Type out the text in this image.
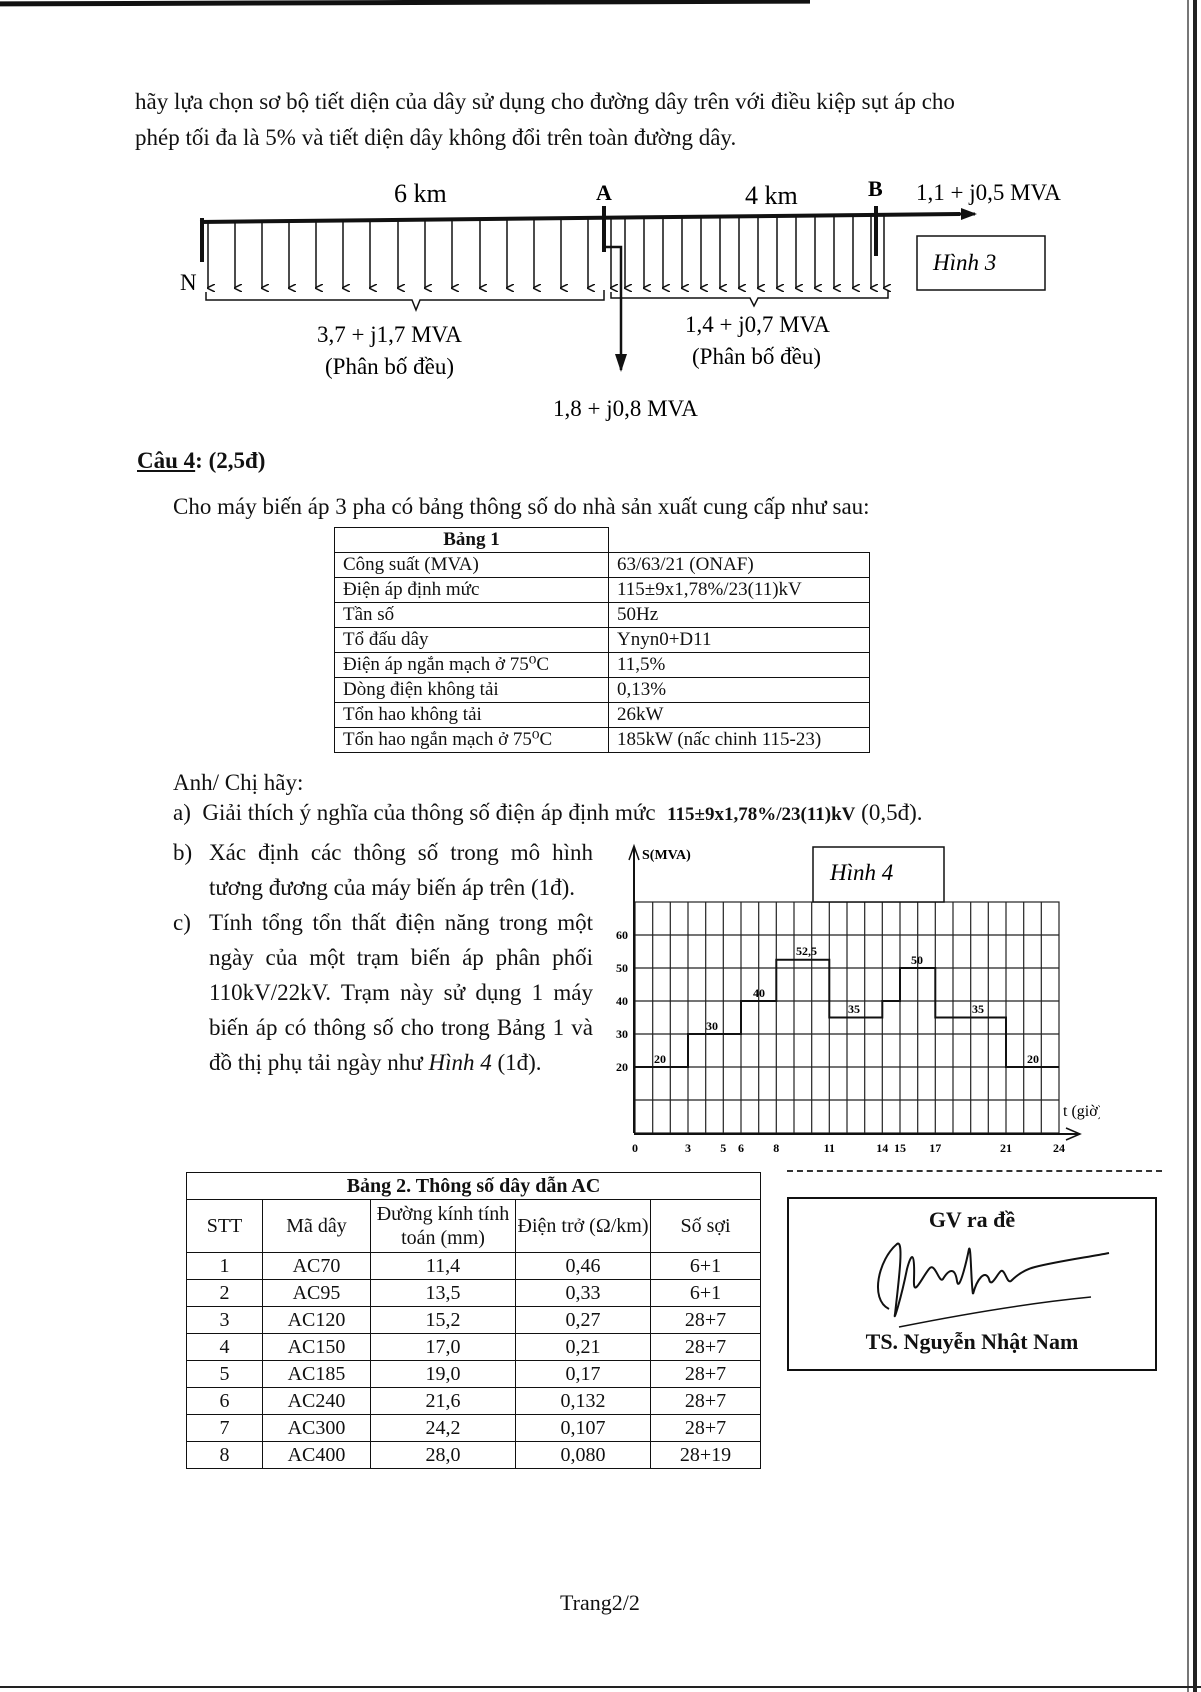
hãy lựa chọn sơ bộ tiết diện của dây sử dụng cho đường dây trên với điều kiệp sụt áp cho
phép tối đa là 5% và tiết diện dây không đổi trên toàn đường dây.
Hình 3
N
A	B
6 km	4 km	1,1 + j0,5 MVA
3,7 + j1,7 MVA
(Phân bố đều)
1,4 + j0,7 MVA
(Phân bố đều)
1,8 + j0,8 MVA
Câu 4: (2,5đ)
Cho máy biến áp 3 pha có bảng thông số do nhà sản xuất cung cấp như sau:
Bảng 1	
Công suất (MVA)	63/63/21 (ONAF)
Điện áp định mức	115±9x1,78%/23(11)kV
Tần số	50Hz
Tổ đấu dây	Ynyn0+D11
Điện áp ngắn mạch ở 75⁰C	11,5%
Dòng điện không tải	0,13%
Tổn hao không tải	26kW
Tổn hao ngắn mạch ở 75⁰C	185kW (nấc chinh 115-23)
Anh/ Chị hãy:
a) Giải thích ý nghĩa của thông số điện áp định mức 115±9x1,78%/23(11)kV (0,5đ).
b) Xác định các thông số trong mô hình tương đương của máy biến áp trên (1đ).
c) Tính tổng tổn thất điện năng trong một ngày của một trạm biến áp phân phối 110kV/22kV. Trạm này sử dụng 1 máy biến áp có thông số cho trong Bảng 1 và đồ thị phụ tải ngày như Hình 4 (1đ).
Hình 4
S(MVA)
t (giờ)
20
30
40
50
60
0	3 5 6 8	11	14 15 17	21	24
20
30
40
52,5
35
50
35
20
Bảng 2. Thông số dây dẫn AC				
STT	Mã dây	Đường kính tính toán (mm)	Điện trở (Ω/km)	Số sợi
1	AC70	11,4	0,46	6+1
2	AC95	13,5	0,33	6+1
3	AC120	15,2	0,27	28+7
4	AC150	17,0	0,21	28+7
5	AC185	19,0	0,17	28+7
6	AC240	21,6	0,132	28+7
7	AC300	24,2	0,107	28+7
8	AC400	28,0	0,080	28+19
GV ra đề
TS. Nguyễn Nhật Nam
Trang2/2
